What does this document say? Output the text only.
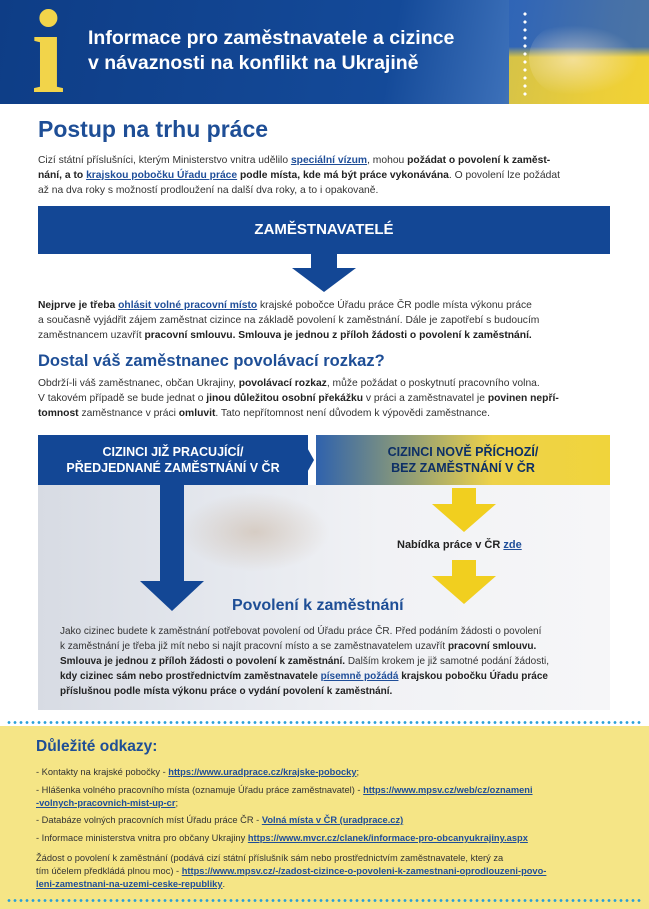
i	Informace pro zaměstnavatele a cizince
v návaznosti na konflikt na Ukrajině
Postup na trhu práce
Cizí státní příslušníci, kterým Ministerstvo vnitra udělilo speciální vízum, mohou požádat o povolení k zaměst-
nání, a to krajskou pobočku Úřadu práce podle místa, kde má být práce vykonávána. O povolení lze požádat
až na dva roky s možností prodloužení na další dva roky, a to i opakovaně.
ZAMĚSTNAVATELÉ
Nejprve je třeba ohlásit volné pracovní místo krajské pobočce Úřadu práce ČR podle místa výkonu práce
a současně vyjádřit zájem zaměstnat cizince na základě povolení k zaměstnání. Dále je zapotřebí s budoucím
zaměstnancem uzavřít pracovní smlouvu. Smlouva je jednou z příloh žádosti o povolení k zaměstnání.
Dostal váš zaměstnanec povolávací rozkaz?
Obdrží-li váš zaměstnanec, občan Ukrajiny, povolávací rozkaz, může požádat o poskytnutí pracovního volna.
V takovém případě se bude jednat o jinou důležitou osobní překážku v práci a zaměstnavatel je povinen nepří-
tomnost zaměstnance v práci omluvit. Tato nepřítomnost není důvodem k výpovědi zaměstnance.
CIZINCI JIŽ PRACUJÍCÍ/
PŘEDJEDNANÉ ZAMĚSTNÁNÍ V ČR
CIZINCI NOVĚ PŘÍCHOZÍ/
BEZ ZAMĚSTNÁNÍ V ČR
Nabídka práce v ČR zde
Povolení k zaměstnání
Jako cizinec budete k zaměstnání potřebovat povolení od Úřadu práce ČR. Před podáním žádosti o povolení
k zaměstnání je třeba již mít nebo si najít pracovní místo a se zaměstnavatelem uzavřít pracovní smlouvu.
Smlouva je jednou z příloh žádosti o povolení k zaměstnání. Dalším krokem je již samotné podání žádosti,
kdy cizinec sám nebo prostřednictvím zaměstnavatele písemně požádá krajskou pobočku Úřadu práce
příslušnou podle místa výkonu práce o vydání povolení k zaměstnání.
Důležité odkazy:
- Kontakty na krajské pobočky - https://www.uradprace.cz/krajske-pobocky;
- Hlášenka volného pracovního místa (oznamuje Úřadu práce zaměstnavatel) - https://www.mpsv.cz/web/cz/oznameni
-volnych-pracovnich-mist-up-cr;
- Databáze volných pracovních míst Úřadu práce ČR - Volná místa v ČR (uradprace.cz)
- Informace ministerstva vnitra pro občany Ukrajiny https://www.mvcr.cz/clanek/informace-pro-obcanyukrajiny.aspx
Žádost o povolení k zaměstnání (podává cizí státní příslušník sám nebo prostřednictvím zaměstnavatele, který za
tím účelem předkládá plnou moc) - https://www.mpsv.cz/-/zadost-cizince-o-povoleni-k-zamestnani-oprodlouzeni-povo-
leni-zamestnani-na-uzemi-ceske-republiky.
